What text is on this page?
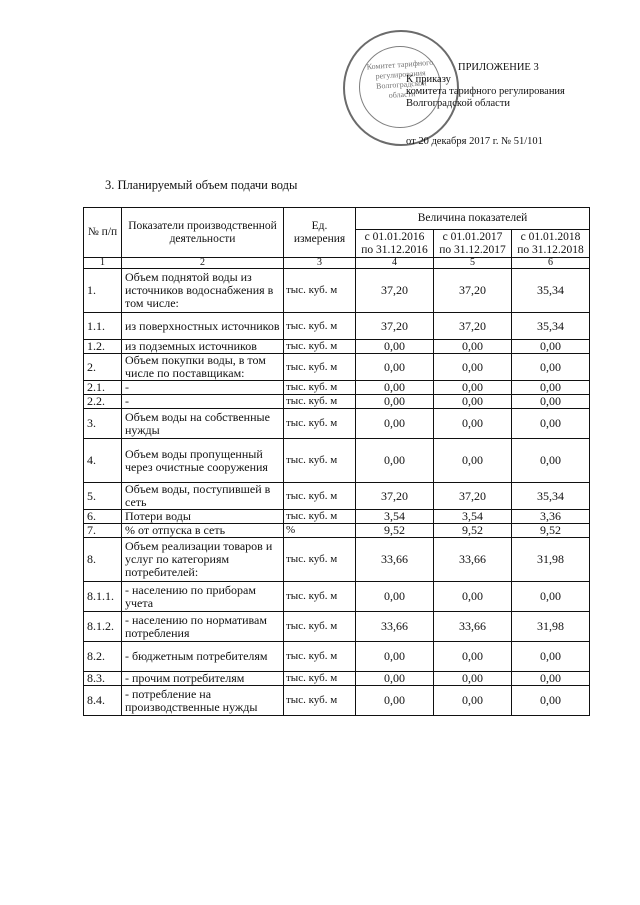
Комитет тарифного регулирования Волгоградской области
ПРИЛОЖЕНИЕ 3
К приказу
комитета тарифного регулирования
Волгоградской области
от 20 декабря 2017 г. № 51/101
3. Планируемый объем подачи воды
№ п/п	Показатели производственной деятельности	Ед. измерения	Величина показателей		
			с 01.01.2016 по 31.12.2016	с 01.01.2017 по 31.12.2017	с 01.01.2018 по 31.12.2018
1	2	3	4	5	6
1.	Объем поднятой воды из источников водоснабжения в том числе:	тыс. куб. м	37,20	37,20	35,34
1.1.	из поверхностных источников	тыс. куб. м	37,20	37,20	35,34
1.2.	из подземных источников	тыс. куб. м	0,00	0,00	0,00
2.	Объем покупки воды, в том числе по поставщикам:	тыс. куб. м	0,00	0,00	0,00
2.1.	-	тыс. куб. м	0,00	0,00	0,00
2.2.	-	тыс. куб. м	0,00	0,00	0,00
3.	Объем воды на собственные нужды	тыс. куб. м	0,00	0,00	0,00
4.	Объем воды пропущенный через очистные сооружения	тыс. куб. м	0,00	0,00	0,00
5.	Объем воды, поступившей в сеть	тыс. куб. м	37,20	37,20	35,34
6.	Потери воды	тыс. куб. м	3,54	3,54	3,36
7.	% от отпуска в сеть	%	9,52	9,52	9,52
8.	Объем реализации товаров и услуг по категориям потребителей:	тыс. куб. м	33,66	33,66	31,98
8.1.1.	- населению по приборам учета	тыс. куб. м	0,00	0,00	0,00
8.1.2.	- населению по нормативам потребления	тыс. куб. м	33,66	33,66	31,98
8.2.	- бюджетным потребителям	тыс. куб. м	0,00	0,00	0,00
8.3.	- прочим потребителям	тыс. куб. м	0,00	0,00	0,00
8.4.	- потребление на производственные нужды	тыс. куб. м	0,00	0,00	0,00
